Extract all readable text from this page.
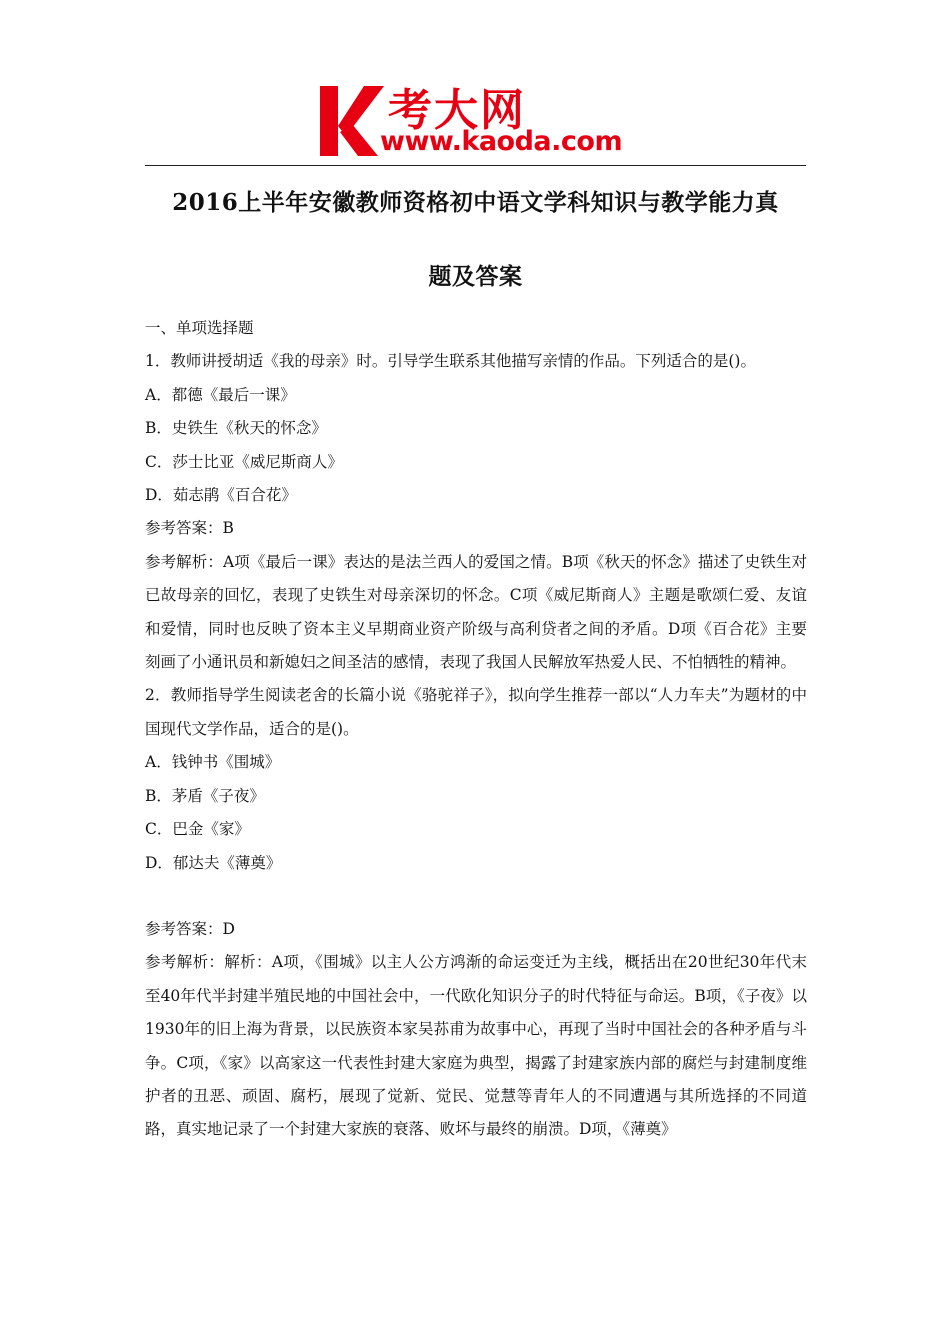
考大网
www.kaoda.com
2016上半年安徽教师资格初中语文学科知识与教学能力真
题及答案

一、单项选择题

1．教师讲授胡适《我的母亲》时。引导学生联系其他描写亲情的作品。下列适合的是()。

A．都德《最后一课》

B．史铁生《秋天的怀念》

C．莎士比亚《威尼斯商人》

D．茹志鹃《百合花》

参考答案：B

参考解析：A项《最后一课》表达的是法兰西人的爱国之情。B项《秋天的怀念》描述了史铁生对已故母亲的回忆，表现了史铁生对母亲深切的怀念。C项《威尼斯商人》主题是歌颂仁爱、友谊和爱情，同时也反映了资本主义早期商业资产阶级与高利贷者之间的矛盾。D项《百合花》主要刻画了小通讯员和新媳妇之间圣洁的感情，表现了我国人民解放军热爱人民、不怕牺牲的精神。

2．教师指导学生阅读老舍的长篇小说《骆驼祥子》，拟向学生推荐一部以“人力车夫”为题材的中国现代文学作品，适合的是()。

A．钱钟书《围城》

B．茅盾《子夜》

C．巴金《家》

D．郁达夫《薄奠》

参考答案：D

参考解析：解析：A项，《围城》以主人公方鸿渐的命运变迁为主线，概括出在20世纪30年代末至40年代半封建半殖民地的中国社会中，一代欧化知识分子的时代特征与命运。B项，《子夜》以1930年的旧上海为背景，以民族资本家吴荪甫为故事中心，再现了当时中国社会的各种矛盾与斗争。C项，《家》以高家这一代表性封建大家庭为典型，揭露了封建家族内部的腐烂与封建制度维护者的丑恶、顽固、腐朽，展现了觉新、觉民、觉慧等青年人的不同遭遇与其所选择的不同道路，真实地记录了一个封建大家族的衰落、败坏与最终的崩溃。D项，《薄奠》
